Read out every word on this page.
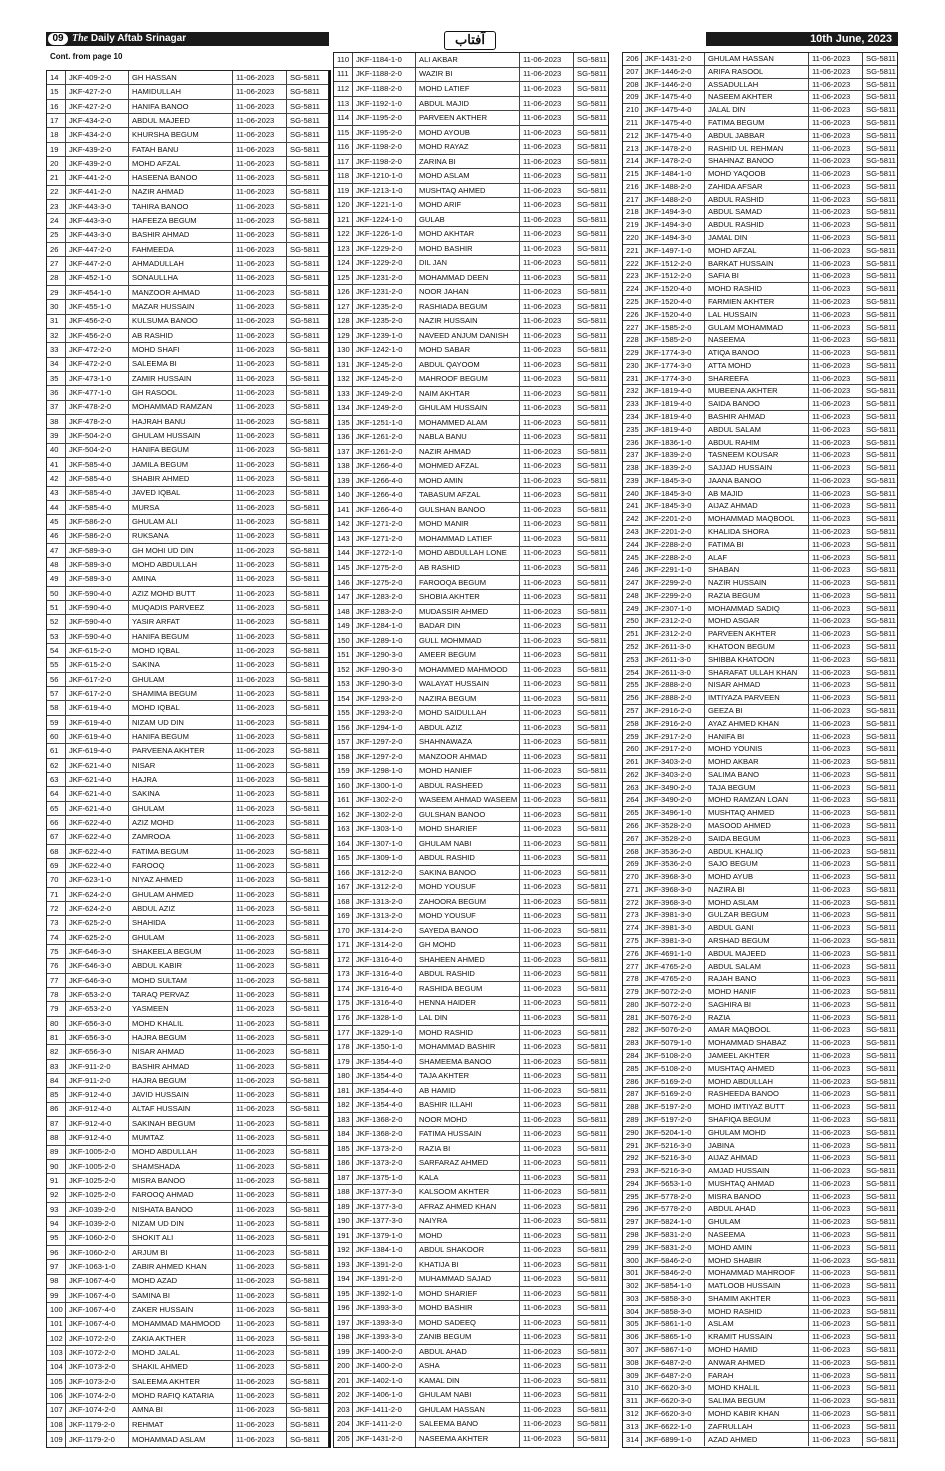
09 The Daily Aftab Srinagar	آفتاب	10th June, 2023
Cont. from page 10
14	JKF-409-2-0	GH HASSAN	11-06-2023	SG-5811
15	JKF-427-2-0	HAMIDULLAH	11-06-2023	SG-5811
16	JKF-427-2-0	HANIFA BANOO	11-06-2023	SG-5811
17	JKF-434-2-0	ABDUL MAJEED	11-06-2023	SG-5811
18	JKF-434-2-0	KHURSHA BEGUM	11-06-2023	SG-5811
19	JKF-439-2-0	FATAH BANU	11-06-2023	SG-5811
20	JKF-439-2-0	MOHD AFZAL	11-06-2023	SG-5811
21	JKF-441-2-0	HASEENA BANOO	11-06-2023	SG-5811
22	JKF-441-2-0	NAZIR AHMAD	11-06-2023	SG-5811
23	JKF-443-3-0	TAHIRA BANOO	11-06-2023	SG-5811
24	JKF-443-3-0	HAFEEZA BEGUM	11-06-2023	SG-5811
25	JKF-443-3-0	BASHIR AHMAD	11-06-2023	SG-5811
26	JKF-447-2-0	FAHMEEDA	11-06-2023	SG-5811
27	JKF-447-2-0	AHMADULLAH	11-06-2023	SG-5811
28	JKF-452-1-0	SONAULLHA	11-06-2023	SG-5811
29	JKF-454-1-0	MANZOOR AHMAD	11-06-2023	SG-5811
30	JKF-455-1-0	MAZAR HUSSAIN	11-06-2023	SG-5811
31	JKF-456-2-0	KULSUMA BANOO	11-06-2023	SG-5811
32	JKF-456-2-0	AB RASHID	11-06-2023	SG-5811
33	JKF-472-2-0	MOHD SHAFI	11-06-2023	SG-5811
34	JKF-472-2-0	SALEEMA BI	11-06-2023	SG-5811
35	JKF-473-1-0	ZAMIR HUSSAIN	11-06-2023	SG-5811
36	JKF-477-1-0	GH RASOOL	11-06-2023	SG-5811
37	JKF-478-2-0	MOHAMMAD RAMZAN	11-06-2023	SG-5811
38	JKF-478-2-0	HAJRAH BANU	11-06-2023	SG-5811
39	JKF-504-2-0	GHULAM HUSSAIN	11-06-2023	SG-5811
40	JKF-504-2-0	HANIFA BEGUM	11-06-2023	SG-5811
41	JKF-585-4-0	JAMILA BEGUM	11-06-2023	SG-5811
42	JKF-585-4-0	SHABIR AHMED	11-06-2023	SG-5811
43	JKF-585-4-0	JAVED IQBAL	11-06-2023	SG-5811
44	JKF-585-4-0	MURSA	11-06-2023	SG-5811
45	JKF-586-2-0	GHULAM ALI	11-06-2023	SG-5811
46	JKF-586-2-0	RUKSANA	11-06-2023	SG-5811
47	JKF-589-3-0	GH MOHI UD DIN	11-06-2023	SG-5811
48	JKF-589-3-0	MOHD ABDULLAH	11-06-2023	SG-5811
49	JKF-589-3-0	AMINA	11-06-2023	SG-5811
50	JKF-590-4-0	AZIZ MOHD BUTT	11-06-2023	SG-5811
51	JKF-590-4-0	MUQADIS PARVEEZ	11-06-2023	SG-5811
52	JKF-590-4-0	YASIR ARFAT	11-06-2023	SG-5811
53	JKF-590-4-0	HANIFA BEGUM	11-06-2023	SG-5811
54	JKF-615-2-0	MOHD IQBAL	11-06-2023	SG-5811
55	JKF-615-2-0	SAKINA	11-06-2023	SG-5811
56	JKF-617-2-0	GHULAM	11-06-2023	SG-5811
57	JKF-617-2-0	SHAMIMA BEGUM	11-06-2023	SG-5811
58	JKF-619-4-0	MOHD IQBAL	11-06-2023	SG-5811
59	JKF-619-4-0	NIZAM UD DIN	11-06-2023	SG-5811
60	JKF-619-4-0	HANIFA BEGUM	11-06-2023	SG-5811
61	JKF-619-4-0	PARVEENA AKHTER	11-06-2023	SG-5811
62	JKF-621-4-0	NISAR	11-06-2023	SG-5811
63	JKF-621-4-0	HAJRA	11-06-2023	SG-5811
64	JKF-621-4-0	SAKINA	11-06-2023	SG-5811
65	JKF-621-4-0	GHULAM	11-06-2023	SG-5811
66	JKF-622-4-0	AZIZ MOHD	11-06-2023	SG-5811
67	JKF-622-4-0	ZAMROOA	11-06-2023	SG-5811
68	JKF-622-4-0	FATIMA BEGUM	11-06-2023	SG-5811
69	JKF-622-4-0	FAROOQ	11-06-2023	SG-5811
70	JKF-623-1-0	NIYAZ AHMED	11-06-2023	SG-5811
71	JKF-624-2-0	GHULAM AHMED	11-06-2023	SG-5811
72	JKF-624-2-0	ABDUL AZIZ	11-06-2023	SG-5811
73	JKF-625-2-0	SHAHIDA	11-06-2023	SG-5811
74	JKF-625-2-0	GHULAM	11-06-2023	SG-5811
75	JKF-646-3-0	SHAKEELA BEGUM	11-06-2023	SG-5811
76	JKF-646-3-0	ABDUL KABIR	11-06-2023	SG-5811
77	JKF-646-3-0	MOHD SULTAM	11-06-2023	SG-5811
78	JKF-653-2-0	TARAQ PERVAZ	11-06-2023	SG-5811
79	JKF-653-2-0	YASMEEN	11-06-2023	SG-5811
80	JKF-656-3-0	MOHD KHALIL	11-06-2023	SG-5811
81	JKF-656-3-0	HAJRA BEGUM	11-06-2023	SG-5811
82	JKF-656-3-0	NISAR AHMAD	11-06-2023	SG-5811
83	JKF-911-2-0	BASHIR AHMAD	11-06-2023	SG-5811
84	JKF-911-2-0	HAJRA BEGUM	11-06-2023	SG-5811
85	JKF-912-4-0	JAVID HUSSAIN	11-06-2023	SG-5811
86	JKF-912-4-0	ALTAF HUSSAIN	11-06-2023	SG-5811
87	JKF-912-4-0	SAKINAH BEGUM	11-06-2023	SG-5811
88	JKF-912-4-0	MUMTAZ	11-06-2023	SG-5811
89	JKF-1005-2-0	MOHD ABDULLAH	11-06-2023	SG-5811
90	JKF-1005-2-0	SHAMSHADA	11-06-2023	SG-5811
91	JKF-1025-2-0	MISRA BANOO	11-06-2023	SG-5811
92	JKF-1025-2-0	FAROOQ AHMAD	11-06-2023	SG-5811
93	JKF-1039-2-0	NISHATA BANOO	11-06-2023	SG-5811
94	JKF-1039-2-0	NIZAM UD DIN	11-06-2023	SG-5811
95	JKF-1060-2-0	SHOKIT ALI	11-06-2023	SG-5811
96	JKF-1060-2-0	ARJUM BI	11-06-2023	SG-5811
97	JKF-1063-1-0	ZABIR AHMED KHAN	11-06-2023	SG-5811
98	JKF-1067-4-0	MOHD AZAD	11-06-2023	SG-5811
99	JKF-1067-4-0	SAMINA BI	11-06-2023	SG-5811
100 JKF-1067-4-0	ZAKER HUSSAIN	11-06-2023	SG-5811
101 JKF-1067-4-0	MOHAMMAD MAHMOOD	11-06-2023	SG-5811
102 JKF-1072-2-0	ZAKIA AKTHER	11-06-2023	SG-5811
103 JKF-1072-2-0	MOHD JALAL	11-06-2023	SG-5811
104 JKF-1073-2-0	SHAKIL AHMED	11-06-2023	SG-5811
105 JKF-1073-2-0	SALEEMA AKHTER	11-06-2023	SG-5811
106 JKF-1074-2-0	MOHD RAFIQ KATARIA	11-06-2023	SG-5811
107 JKF-1074-2-0	AMNA BI	11-06-2023	SG-5811
108 JKF-1179-2-0	REHMAT	11-06-2023	SG-5811
109 JKF-1179-2-0	MOHAMMAD ASLAM	11-06-2023	SG-5811
110 JKF-1184-1-0	ALI AKBAR	11-06-2023	SG-5811
111 JKF-1188-2-0	WAZIR BI	11-06-2023	SG-5811
112 JKF-1188-2-0	MOHD LATIEF	11-06-2023	SG-5811
113 JKF-1192-1-0	ABDUL MAJID	11-06-2023	SG-5811
114 JKF-1195-2-0	PARVEEN AKTHER	11-06-2023	SG-5811
115 JKF-1195-2-0	MOHD AYOUB	11-06-2023	SG-5811
116 JKF-1198-2-0	MOHD RAYAZ	11-06-2023	SG-5811
117 JKF-1198-2-0	ZARINA BI	11-06-2023	SG-5811
118 JKF-1210-1-0	MOHD ASLAM	11-06-2023	SG-5811
119 JKF-1213-1-0	MUSHTAQ AHMED	11-06-2023	SG-5811
120 JKF-1221-1-0	MOHD ARIF	11-06-2023	SG-5811
121 JKF-1224-1-0	GULAB	11-06-2023	SG-5811
122 JKF-1226-1-0	MOHD AKHTAR	11-06-2023	SG-5811
123 JKF-1229-2-0	MOHD BASHIR	11-06-2023	SG-5811
124 JKF-1229-2-0	DIL JAN	11-06-2023	SG-5811
125 JKF-1231-2-0	MOHAMMAD DEEN	11-06-2023	SG-5811
126 JKF-1231-2-0	NOOR JAHAN	11-06-2023	SG-5811
127 JKF-1235-2-0	RASHIADA BEGUM	11-06-2023	SG-5811
128 JKF-1235-2-0	NAZIR HUSSAIN	11-06-2023	SG-5811
129 JKF-1239-1-0	NAVEED ANJUM DANISH	11-06-2023	SG-5811
130 JKF-1242-1-0	MOHD SABAR	11-06-2023	SG-5811
131 JKF-1245-2-0	ABDUL QAYOOM	11-06-2023	SG-5811
132 JKF-1245-2-0	MAHROOF BEGUM	11-06-2023	SG-5811
133 JKF-1249-2-0	NAIM AKHTAR	11-06-2023	SG-5811
134 JKF-1249-2-0	GHULAM HUSSAIN	11-06-2023	SG-5811
135 JKF-1251-1-0	MOHAMMED ALAM	11-06-2023	SG-5811
136 JKF-1261-2-0	NABLA BANU	11-06-2023	SG-5811
137 JKF-1261-2-0	NAZIR AHMAD	11-06-2023	SG-5811
138 JKF-1266-4-0	MOHMED AFZAL	11-06-2023	SG-5811
139 JKF-1266-4-0	MOHD AMIN	11-06-2023	SG-5811
140 JKF-1266-4-0	TABASUM AFZAL	11-06-2023	SG-5811
141 JKF-1266-4-0	GULSHAN BANOO	11-06-2023	SG-5811
142 JKF-1271-2-0	MOHD MANIR	11-06-2023	SG-5811
143 JKF-1271-2-0	MOHAMMAD LATIEF	11-06-2023	SG-5811
144 JKF-1272-1-0	MOHD ABDULLAH LONE	11-06-2023	SG-5811
145 JKF-1275-2-0	AB RASHID	11-06-2023	SG-5811
146 JKF-1275-2-0	FAROOQA BEGUM	11-06-2023	SG-5811
147 JKF-1283-2-0	SHOBIA AKHTER	11-06-2023	SG-5811
148 JKF-1283-2-0	MUDASSIR AHMED	11-06-2023	SG-5811
149 JKF-1284-1-0	BADAR DIN	11-06-2023	SG-5811
150 JKF-1289-1-0	GULL MOHMMAD	11-06-2023	SG-5811
151 JKF-1290-3-0	AMEER BEGUM	11-06-2023	SG-5811
152 JKF-1290-3-0	MOHAMMED MAHMOOD	11-06-2023	SG-5811
153 JKF-1290-3-0	WALAYAT HUSSAIN	11-06-2023	SG-5811
154 JKF-1293-2-0	NAZIRA BEGUM	11-06-2023	SG-5811
155 JKF-1293-2-0	MOHD SAIDULLAH	11-06-2023	SG-5811
156 JKF-1294-1-0	ABDUL AZIZ	11-06-2023	SG-5811
157 JKF-1297-2-0	SHAHNAWAZA	11-06-2023	SG-5811
158 JKF-1297-2-0	MANZOOR AHMAD	11-06-2023	SG-5811
159 JKF-1298-1-0	MOHD HANIEF	11-06-2023	SG-5811
160 JKF-1300-1-0	ABDUL RASHEED	11-06-2023	SG-5811
161 JKF-1302-2-0	WASEEM AHMAD WASEEM 11-06-2023	SG-5811
162 JKF-1302-2-0	GULSHAN BANOO	11-06-2023	SG-5811
163 JKF-1303-1-0	MOHD SHARIEF	11-06-2023	SG-5811
164 JKF-1307-1-0	GHULAM NABI	11-06-2023	SG-5811
165 JKF-1309-1-0	ABDUL RASHID	11-06-2023	SG-5811
166 JKF-1312-2-0	SAKINA BANOO	11-06-2023	SG-5811
167 JKF-1312-2-0	MOHD YOUSUF	11-06-2023	SG-5811
168 JKF-1313-2-0	ZAHOORA BEGUM	11-06-2023	SG-5811
169 JKF-1313-2-0	MOHD YOUSUF	11-06-2023	SG-5811
170 JKF-1314-2-0	SAYEDA BANOO	11-06-2023	SG-5811
171 JKF-1314-2-0	GH MOHD	11-06-2023	SG-5811
172 JKF-1316-4-0	SHAHEEN AHMED	11-06-2023	SG-5811
173 JKF-1316-4-0	ABDUL RASHID	11-06-2023	SG-5811
174 JKF-1316-4-0	RASHIDA BEGUM	11-06-2023	SG-5811
175 JKF-1316-4-0	HENNA HAIDER	11-06-2023	SG-5811
176 JKF-1328-1-0	LAL DIN	11-06-2023	SG-5811
177 JKF-1329-1-0	MOHD RASHID	11-06-2023	SG-5811
178 JKF-1350-1-0	MOHAMMAD BASHIR	11-06-2023	SG-5811
179 JKF-1354-4-0	SHAMEEMA BANOO	11-06-2023	SG-5811
180 JKF-1354-4-0	TAJA AKHTER	11-06-2023	SG-5811
181 JKF-1354-4-0	AB HAMID	11-06-2023	SG-5811
182 JKF-1354-4-0	BASHIR ILLAHI	11-06-2023	SG-5811
183 JKF-1368-2-0	NOOR MOHD	11-06-2023	SG-5811
184 JKF-1368-2-0	FATIMA HUSSAIN	11-06-2023	SG-5811
185 JKF-1373-2-0	RAZIA BI	11-06-2023	SG-5811
186 JKF-1373-2-0	SARFARAZ AHMED	11-06-2023	SG-5811
187 JKF-1375-1-0	KALA	11-06-2023	SG-5811
188 JKF-1377-3-0	KALSOOM AKHTER	11-06-2023	SG-5811
189 JKF-1377-3-0	AFRAZ AHMED KHAN	11-06-2023	SG-5811
190 JKF-1377-3-0	NAIYRA	11-06-2023	SG-5811
191 JKF-1379-1-0	MOHD	11-06-2023	SG-5811
192 JKF-1384-1-0	ABDUL SHAKOOR	11-06-2023	SG-5811
193 JKF-1391-2-0	KHATIJA BI	11-06-2023	SG-5811
194 JKF-1391-2-0	MUHAMMAD SAJAD	11-06-2023	SG-5811
195 JKF-1392-1-0	MOHD SHARIEF	11-06-2023	SG-5811
196 JKF-1393-3-0	MOHD BASHIR	11-06-2023	SG-5811
197 JKF-1393-3-0	MOHD SADEEQ	11-06-2023	SG-5811
198 JKF-1393-3-0	ZANIB BEGUM	11-06-2023	SG-5811
199 JKF-1400-2-0	ABDUL AHAD	11-06-2023	SG-5811
200 JKF-1400-2-0	ASHA	11-06-2023	SG-5811
201 JKF-1402-1-0	KAMAL DIN	11-06-2023	SG-5811
202 JKF-1406-1-0	GHULAM NABI	11-06-2023	SG-5811
203 JKF-1411-2-0	GHULAM HASSAN	11-06-2023	SG-5811
204 JKF-1411-2-0	SALEEMA BANO	11-06-2023	SG-5811
205 JKF-1431-2-0	NASEEMA AKHTER	11-06-2023	SG-5811
206 JKF-1431-2-0	GHULAM HASSAN	11-06-2023	SG-5811
207 JKF-1446-2-0	ARIFA RASOOL	11-06-2023	SG-5811
208 JKF-1446-2-0	ASSADULLAH	11-06-2023	SG-5811
209 JKF-1475-4-0	NASEEM AKHTER	11-06-2023	SG-5811
210 JKF-1475-4-0	JALAL DIN	11-06-2023	SG-5811
211 JKF-1475-4-0	FATIMA BEGUM	11-06-2023	SG-5811
212 JKF-1475-4-0	ABDUL JABBAR	11-06-2023	SG-5811
213 JKF-1478-2-0	RASHID UL REHMAN	11-06-2023	SG-5811
214 JKF-1478-2-0	SHAHNAZ BANOO	11-06-2023	SG-5811
215 JKF-1484-1-0	MOHD YAQOOB	11-06-2023	SG-5811
216 JKF-1488-2-0	ZAHIDA AFSAR	11-06-2023	SG-5811
217 JKF-1488-2-0	ABDUL RASHID	11-06-2023	SG-5811
218 JKF-1494-3-0	ABDUL SAMAD	11-06-2023	SG-5811
219 JKF-1494-3-0	ABDUL RASHID	11-06-2023	SG-5811
220 JKF-1494-3-0	JAMAL DIN	11-06-2023	SG-5811
221 JKF-1497-1-0	MOHD AFZAL	11-06-2023	SG-5811
222 JKF-1512-2-0	BARKAT HUSSAIN	11-06-2023	SG-5811
223 JKF-1512-2-0	SAFIA BI	11-06-2023	SG-5811
224 JKF-1520-4-0	MOHD RASHID	11-06-2023	SG-5811
225 JKF-1520-4-0	FARMIEN AKHTER	11-06-2023	SG-5811
226 JKF-1520-4-0	LAL HUSSAIN	11-06-2023	SG-5811
227 JKF-1585-2-0	GULAM MOHAMMAD	11-06-2023	SG-5811
228 JKF-1585-2-0	NASEEMA	11-06-2023	SG-5811
229 JKF-1774-3-0	ATIQA BANOO	11-06-2023	SG-5811
230 JKF-1774-3-0	ATTA MOHD	11-06-2023	SG-5811
231 JKF-1774-3-0	SHAREEFA	11-06-2023	SG-5811
232 JKF-1819-4-0	MUBEENA AKHTER	11-06-2023	SG-5811
233 JKF-1819-4-0	SAIDA BANOO	11-06-2023	SG-5811
234 JKF-1819-4-0	BASHIR AHMAD	11-06-2023	SG-5811
235 JKF-1819-4-0	ABDUL SALAM	11-06-2023	SG-5811
236 JKF-1836-1-0	ABDUL RAHIM	11-06-2023	SG-5811
237 JKF-1839-2-0	TASNEEM KOUSAR	11-06-2023	SG-5811
238 JKF-1839-2-0	SAJJAD HUSSAIN	11-06-2023	SG-5811
239 JKF-1845-3-0	JAANA BANOO	11-06-2023	SG-5811
240 JKF-1845-3-0	AB MAJID	11-06-2023	SG-5811
241 JKF-1845-3-0	AIJAZ AHMAD	11-06-2023	SG-5811
242 JKF-2201-2-0	MOHAMMAD MAQBOOL	11-06-2023	SG-5811
243 JKF-2201-2-0	KHALIDA SHORA	11-06-2023	SG-5811
244 JKF-2288-2-0	FATIMA BI	11-06-2023	SG-5811
245 JKF-2288-2-0	ALAF	11-06-2023	SG-5811
246 JKF-2291-1-0	SHABAN	11-06-2023	SG-5811
247 JKF-2299-2-0	NAZIR HUSSAIN	11-06-2023	SG-5811
248 JKF-2299-2-0	RAZIA BEGUM	11-06-2023	SG-5811
249 JKF-2307-1-0	MOHAMMAD SADIQ	11-06-2023	SG-5811
250 JKF-2312-2-0	MOHD ASGAR	11-06-2023	SG-5811
251 JKF-2312-2-0	PARVEEN AKHTER	11-06-2023	SG-5811
252 JKF-2611-3-0	KHATOON BEGUM	11-06-2023	SG-5811
253 JKF-2611-3-0	SHIBBA KHATOON	11-06-2023	SG-5811
254 JKF-2611-3-0	SHARAFAT ULLAH KHAN	11-06-2023	SG-5811
255 JKF-2888-2-0	NISAR AHMAD	11-06-2023	SG-5811
256 JKF-2888-2-0	IMTIYAZA PARVEEN	11-06-2023	SG-5811
257 JKF-2916-2-0	GEEZA BI	11-06-2023	SG-5811
258 JKF-2916-2-0	AYAZ AHMED KHAN	11-06-2023	SG-5811
259 JKF-2917-2-0	HANIFA BI	11-06-2023	SG-5811
260 JKF-2917-2-0	MOHD YOUNIS	11-06-2023	SG-5811
261 JKF-3403-2-0	MOHD AKBAR	11-06-2023	SG-5811
262 JKF-3403-2-0	SALIMA BANO	11-06-2023	SG-5811
263 JKF-3490-2-0	TAJA BEGUM	11-06-2023	SG-5811
264 JKF-3490-2-0	MOHD RAMZAN LOAN	11-06-2023	SG-5811
265 JKF-3496-1-0	MUSHTAQ AHMED	11-06-2023	SG-5811
266 JKF-3528-2-0	MASOOD AHMED	11-06-2023	SG-5811
267 JKF-3528-2-0	SAIDA BEGUM	11-06-2023	SG-5811
268 JKF-3536-2-0	ABDUL KHALIQ	11-06-2023	SG-5811
269 JKF-3536-2-0	SAJO BEGUM	11-06-2023	SG-5811
270 JKF-3968-3-0	MOHD AYUB	11-06-2023	SG-5811
271 JKF-3968-3-0	NAZIRA BI	11-06-2023	SG-5811
272 JKF-3968-3-0	MOHD ASLAM	11-06-2023	SG-5811
273 JKF-3981-3-0	GULZAR BEGUM	11-06-2023	SG-5811
274 JKF-3981-3-0	ABDUL GANI	11-06-2023	SG-5811
275 JKF-3981-3-0	ARSHAD BEGUM	11-06-2023	SG-5811
276 JKF-4691-1-0	ABDUL MAJEED	11-06-2023	SG-5811
277 JKF-4765-2-0	ABDUL SALAM	11-06-2023	SG-5811
278 JKF-4765-2-0	RAJAH BANO	11-06-2023	SG-5811
279 JKF-5072-2-0	MOHD HANIF	11-06-2023	SG-5811
280 JKF-5072-2-0	SAGHIRA BI	11-06-2023	SG-5811
281 JKF-5076-2-0	RAZIA	11-06-2023	SG-5811
282 JKF-5076-2-0	AMAR MAQBOOL	11-06-2023	SG-5811
283 JKF-5079-1-0	MOHAMMAD SHABAZ	11-06-2023	SG-5811
284 JKF-5108-2-0	JAMEEL AKHTER	11-06-2023	SG-5811
285 JKF-5108-2-0	MUSHTAQ AHMED	11-06-2023	SG-5811
286 JKF-5169-2-0	MOHD ABDULLAH	11-06-2023	SG-5811
287 JKF-5169-2-0	RASHEEDA BANOO	11-06-2023	SG-5811
288 JKF-5197-2-0	MOHD IMTIYAZ BUTT	11-06-2023	SG-5811
289 JKF-5197-2-0	SHAFIQA BEGUM	11-06-2023	SG-5811
290 JKF-5204-1-0	GHULAM MOHD	11-06-2023	SG-5811
291 JKF-5216-3-0	JABINA	11-06-2023	SG-5811
292 JKF-5216-3-0	AIJAZ AHMAD	11-06-2023	SG-5811
293 JKF-5216-3-0	AMJAD HUSSAIN	11-06-2023	SG-5811
294 JKF-5653-1-0	MUSHTAQ AHMAD	11-06-2023	SG-5811
295 JKF-5778-2-0	MISRA BANOO	11-06-2023	SG-5811
296 JKF-5778-2-0	ABDUL AHAD	11-06-2023	SG-5811
297 JKF-5824-1-0	GHULAM	11-06-2023	SG-5811
298 JKF-5831-2-0	NASEEMA	11-06-2023	SG-5811
299 JKF-5831-2-0	MOHD AMIN	11-06-2023	SG-5811
300 JKF-5846-2-0	MOHD SHABIR	11-06-2023	SG-5811
301 JKF-5846-2-0	MOHAMMAD MAHROOF	11-06-2023	SG-5811
302 JKF-5854-1-0	MATLOOB HUSSAIN	11-06-2023	SG-5811
303 JKF-5858-3-0	SHAMIM AKHTER	11-06-2023	SG-5811
304 JKF-5858-3-0	MOHD RASHID	11-06-2023	SG-5811
305 JKF-5861-1-0	ASLAM	11-06-2023	SG-5811
306 JKF-5865-1-0	KRAMIT HUSSAIN	11-06-2023	SG-5811
307 JKF-5867-1-0	MOHD HAMID	11-06-2023	SG-5811
308 JKF-6487-2-0	ANWAR AHMED	11-06-2023	SG-5811
309 JKF-6487-2-0	FARAH	11-06-2023	SG-5811
310 JKF-6620-3-0	MOHD KHALIL	11-06-2023	SG-5811
311 JKF-6620-3-0	SALIMA BEGUM	11-06-2023	SG-5811
312 JKF-6620-3-0	MOHD KABIR KHAN	11-06-2023	SG-5811
313 JKF-6622-1-0	ZAFRULLAH	11-06-2023	SG-5811
314 JKF-6899-1-0	AZAD AHMED	11-06-2023	SG-5811
